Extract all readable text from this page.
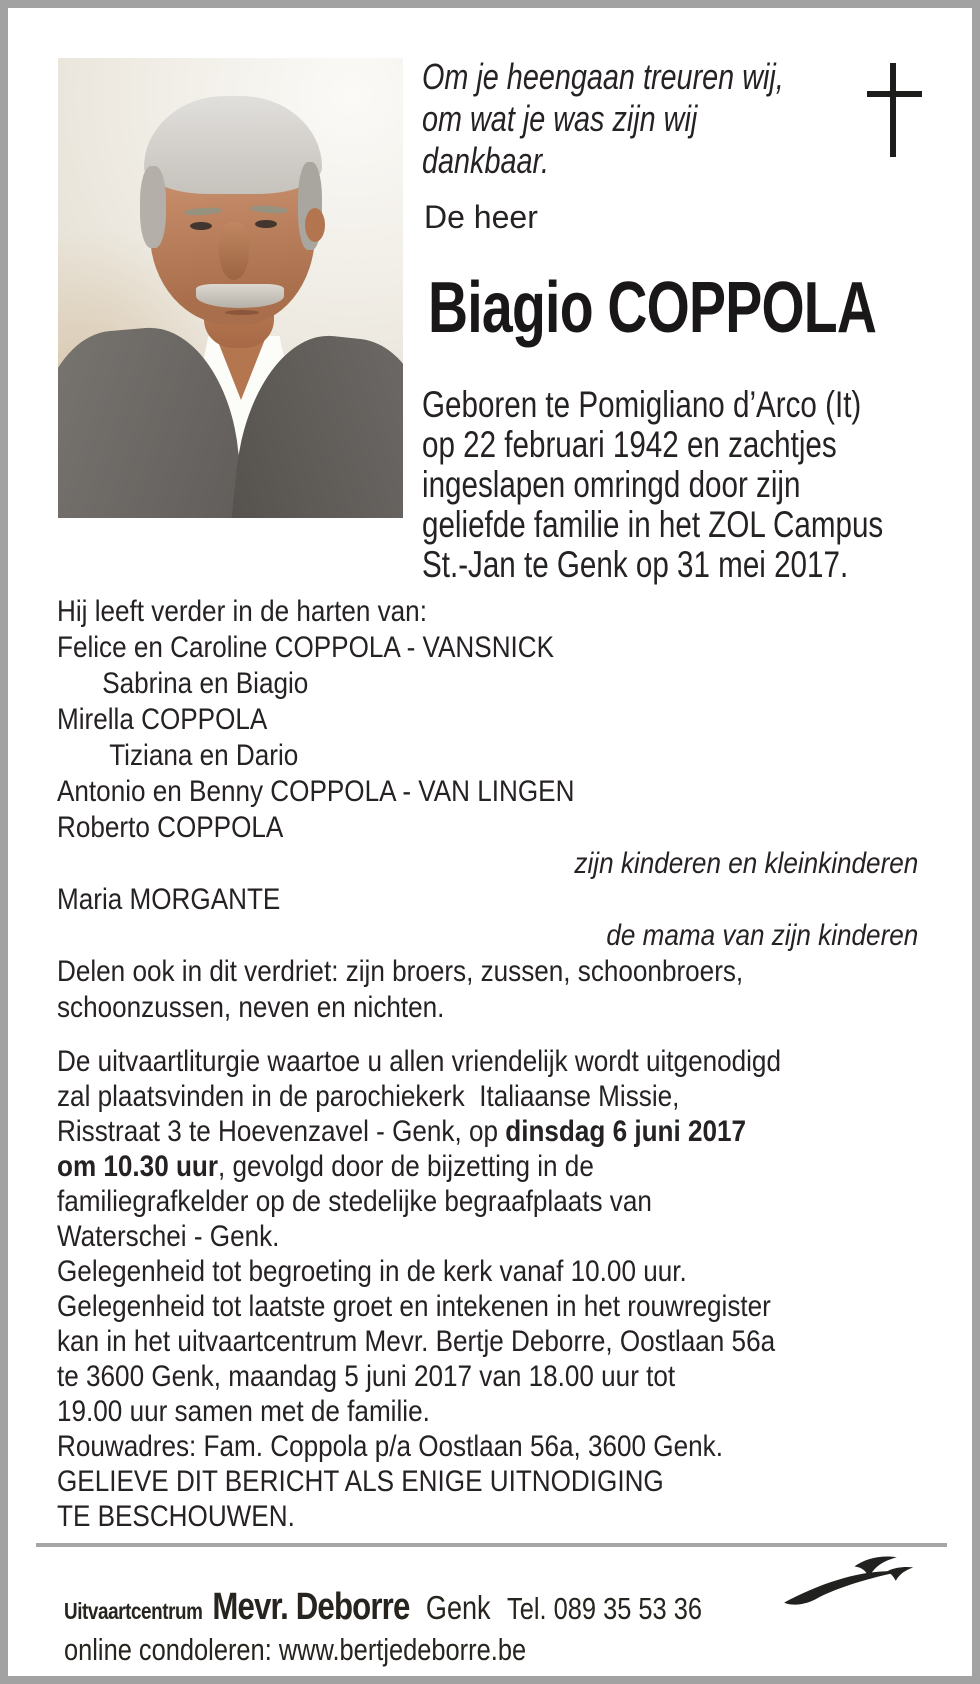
Om je heengaan treuren wij,
om wat je was zijn wij
dankbaar.
De heer
Biagio COPPOLA
Geboren te Pomigliano d’Arco (It)
op 22 februari 1942 en zachtjes
ingeslapen omringd door zijn
geliefde familie in het ZOL Campus
St.-Jan te Genk op 31 mei 2017.
Hij leeft verder in de harten van:
Felice en Caroline COPPOLA - VANSNICK
Sabrina en Biagio
Mirella COPPOLA
Tiziana en Dario
Antonio en Benny COPPOLA - VAN LINGEN
Roberto COPPOLA
zijn kinderen en kleinkinderen
Maria MORGANTE
de mama van zijn kinderen
Delen ook in dit verdriet: zijn broers, zussen, schoonbroers,
schoonzussen, neven en nichten.
De uitvaartliturgie waartoe u allen vriendelijk wordt uitgenodigd
zal plaatsvinden in de parochiekerk  Italiaanse Missie,
Risstraat 3 te Hoevenzavel - Genk, op dinsdag 6 juni 2017
om 10.30 uur, gevolgd door de bijzetting in de
familiegrafkelder op de stedelijke begraafplaats van
Waterschei - Genk.
Gelegenheid tot begroeting in de kerk vanaf 10.00 uur.
Gelegenheid tot laatste groet en intekenen in het rouwregister
kan in het uitvaartcentrum Mevr. Bertje Deborre, Oostlaan 56a
te 3600 Genk, maandag 5 juni 2017 van 18.00 uur tot
19.00 uur samen met de familie.
Rouwadres: Fam. Coppola p/a Oostlaan 56a, 3600 Genk.
GELIEVE DIT BERICHT ALS ENIGE UITNODIGING
TE BESCHOUWEN.
Uitvaartcentrum Mevr. Deborre Genk Tel. 089 35 53 36
online condoleren: www.bertjedeborre.be
